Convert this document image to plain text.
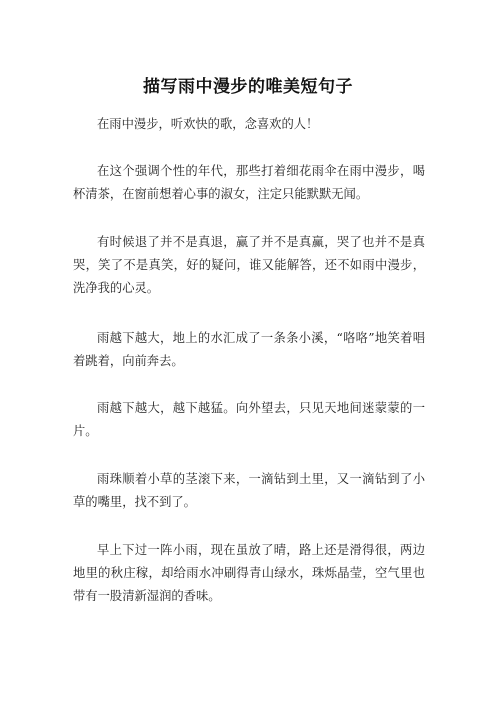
描写雨中漫步的唯美短句子

在雨中漫步，听欢快的歌，念喜欢的人！

在这个强调个性的年代，那些打着细花雨伞在雨中漫步，喝杯清茶，在窗前想着心事的淑女，注定只能默默无闻。

有时候退了并不是真退，赢了并不是真赢，哭了也并不是真哭，笑了不是真笑，好的疑问，谁又能解答，还不如雨中漫步，洗净我的心灵。

雨越下越大，地上的水汇成了一条条小溪，“咯咯”地笑着唱着跳着，向前奔去。

雨越下越大，越下越猛。向外望去，只见天地间迷蒙蒙的一片。

雨珠顺着小草的茎滚下来，一滴钻到土里，又一滴钻到了小草的嘴里，找不到了。

早上下过一阵小雨，现在虽放了晴，路上还是滑得很，两边地里的秋庄稼，却给雨水冲刷得青山绿水，珠烁晶莹，空气里也带有一股清新湿润的香味。
